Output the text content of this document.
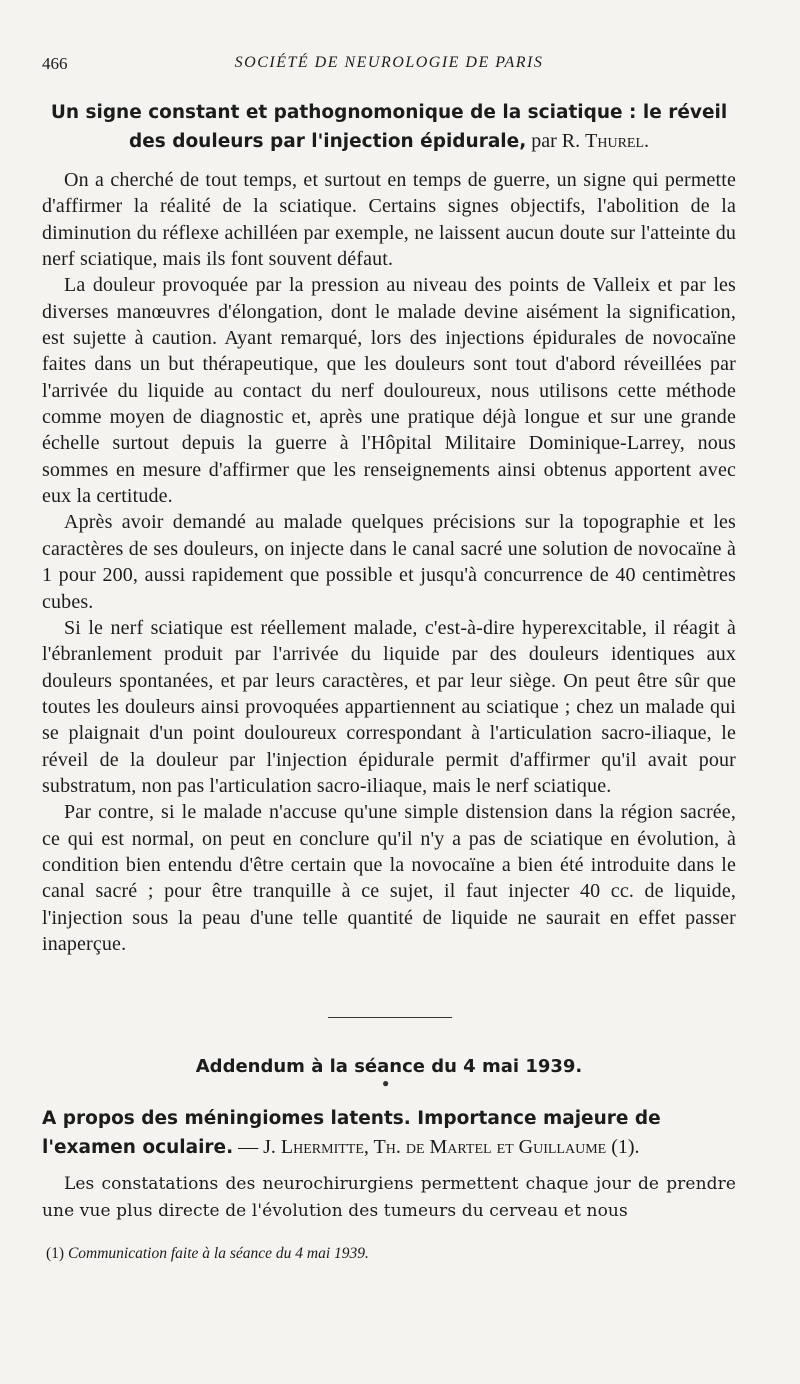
466	SOCIÉTÉ DE NEUROLOGIE DE PARIS
Un signe constant et pathognomonique de la sciatique : le réveil
des douleurs par l'injection épidurale, par R. Thurel.

On a cherché de tout temps, et surtout en temps de guerre, un signe qui permette d'affirmer la réalité de la sciatique. Certains signes objectifs, l'abolition de la diminution du réflexe achilléen par exemple, ne laissent aucun doute sur l'atteinte du nerf sciatique, mais ils font souvent défaut.

La douleur provoquée par la pression au niveau des points de Valleix et par les diverses manœuvres d'élongation, dont le malade devine aisément la signification, est sujette à caution. Ayant remarqué, lors des injections épidurales de novocaïne faites dans un but thérapeutique, que les douleurs sont tout d'abord réveillées par l'arrivée du liquide au contact du nerf douloureux, nous utilisons cette méthode comme moyen de diagnostic et, après une pratique déjà longue et sur une grande échelle surtout depuis la guerre à l'Hôpital Militaire Dominique-Larrey, nous sommes en mesure d'affirmer que les renseignements ainsi obtenus apportent avec eux la certitude.

Après avoir demandé au malade quelques précisions sur la topographie et les caractères de ses douleurs, on injecte dans le canal sacré une solution de novocaïne à 1 pour 200, aussi rapidement que possible et jusqu'à concurrence de 40 centimètres cubes.

Si le nerf sciatique est réellement malade, c'est-à-dire hyperexcitable, il réagit à l'ébranlement produit par l'arrivée du liquide par des douleurs identiques aux douleurs spontanées, et par leurs caractères, et par leur siège. On peut être sûr que toutes les douleurs ainsi provoquées appartiennent au sciatique ; chez un malade qui se plaignait d'un point douloureux correspondant à l'articulation sacro-iliaque, le réveil de la douleur par l'injection épidurale permit d'affirmer qu'il avait pour substratum, non pas l'articulation sacro-iliaque, mais le nerf sciatique.

Par contre, si le malade n'accuse qu'une simple distension dans la région sacrée, ce qui est normal, on peut en conclure qu'il n'y a pas de sciatique en évolution, à condition bien entendu d'être certain que la novocaïne a bien été introduite dans le canal sacré ; pour être tranquille à ce sujet, il faut injecter 40 cc. de liquide, l'injection sous la peau d'une telle quantité de liquide ne saurait en effet passer inaperçue.

Addendum à la séance du 4 mai 1939.
●
A propos des méningiomes latents. Importance majeure de
l'examen oculaire. — J. Lhermitte, Th. de Martel et Guillaume (1).

Les constatations des neurochirurgiens permettent chaque jour de prendre une vue plus directe de l'évolution des tumeurs du cerveau et nous

(1) Communication faite à la séance du 4 mai 1939.
